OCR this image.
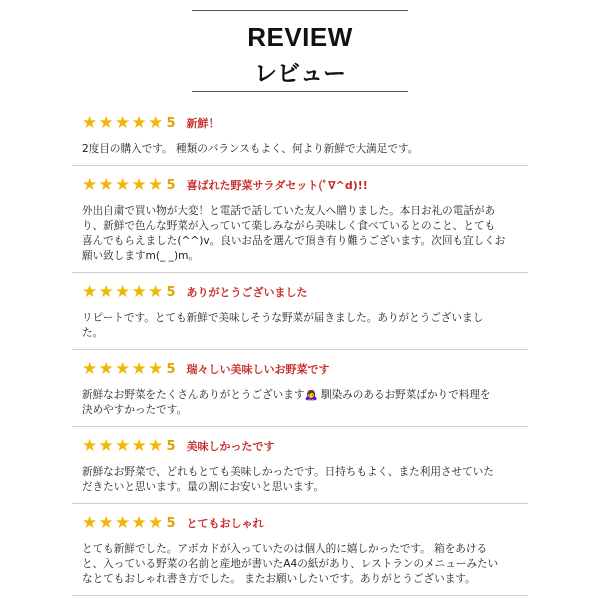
REVIEW
レビュー
★ ★ ★ ★ ★ 5 新鮮！
2度目の購入です。 種類のバランスもよく、何より新鮮で大満足です。
★ ★ ★ ★ ★ 5 喜ばれた野菜サラダセット(ﾟ∇^d)!!
外出自粛で買い物が大変！と電話で話していた友人へ贈りました。本日お礼の電話があ
り、新鮮で色んな野菜が入っていて楽しみながら美味しく食べているとのこと、とても
喜んでもらえました(^^)v。良いお品を選んで頂き有り難うございます。次回も宜しくお
願い致しますm(_ _)m。
★ ★ ★ ★ ★ 5 ありがとうございました
リピートです。とても新鮮で美味しそうな野菜が届きました。ありがとうございまし
た。
★ ★ ★ ★ ★ 5 瑞々しい美味しいお野菜です
新鮮なお野菜をたくさんありがとうございます🙇‍♀️ 馴染みのあるお野菜ばかりで料理を
決めやすかったです。
★ ★ ★ ★ ★ 5 美味しかったです
新鮮なお野菜で、どれもとても美味しかったです。日持ちもよく、また利用させていた
だきたいと思います。量の割にお安いと思います。
★ ★ ★ ★ ★ 5 とてもおしゃれ
とても新鮮でした。アボカドが入っていたのは個人的に嬉しかったです。 箱をあける
と、入っている野菜の名前と産地が書いたA4の紙があり、レストランのメニューみたい
なとてもおしゃれ書き方でした。 またお願いしたいです。ありがとうございます。
